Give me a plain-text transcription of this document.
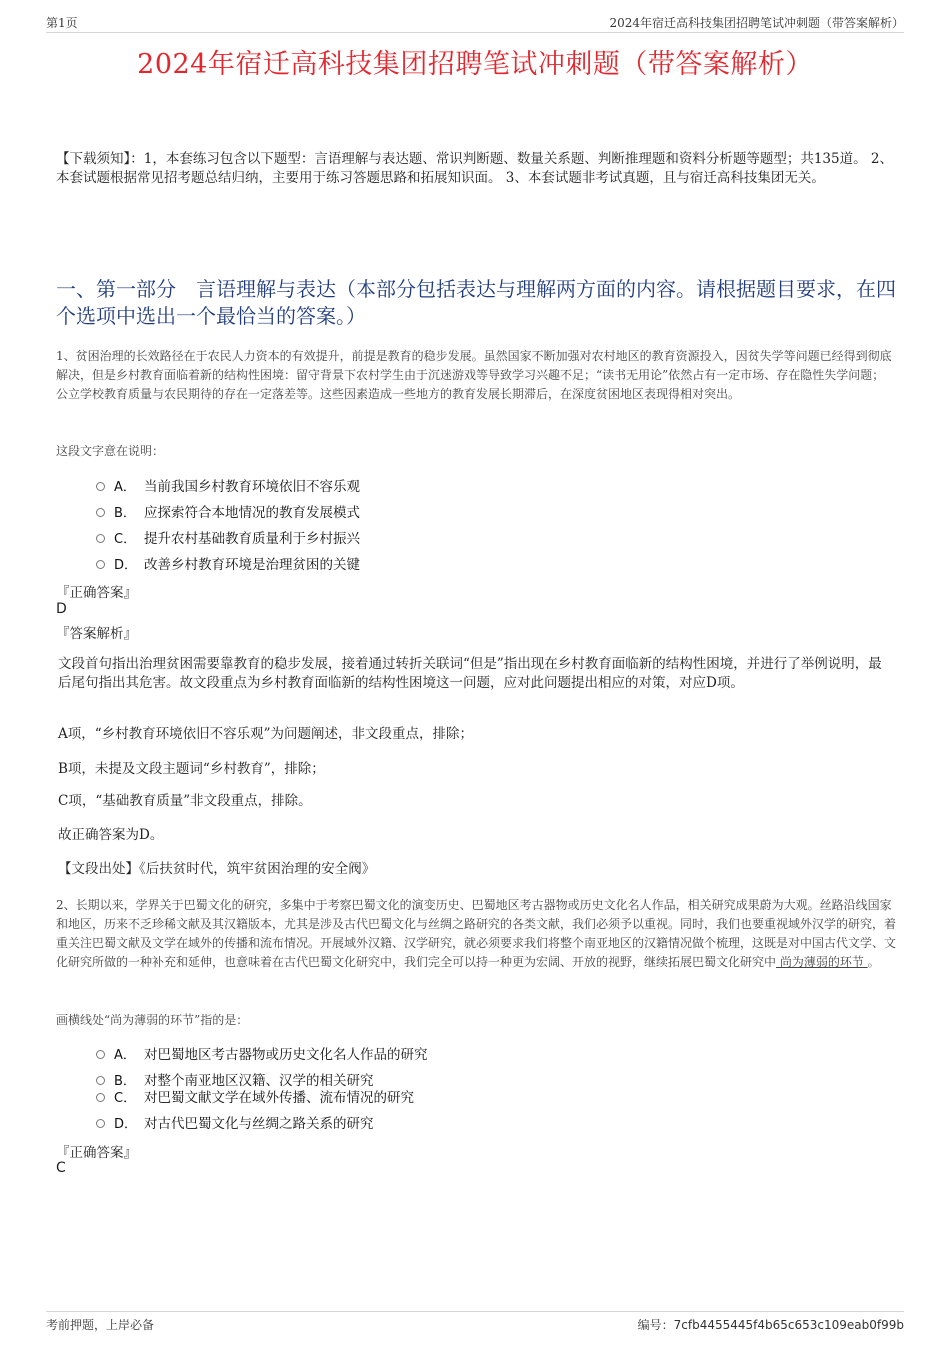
第1页	2024年宿迁高科技集团招聘笔试冲刺题（带答案解析）
2024年宿迁高科技集团招聘笔试冲刺题（带答案解析）
【下载须知】：1，本套练习包含以下题型：言语理解与表达题、常识判断题、数量关系题、判断推理题和资料分析题等题型；共135道。 2、本套试题根据常见招考题总结归纳，主要用于练习答题思路和拓展知识面。 3、本套试题非考试真题，且与宿迁高科技集团无关。
一、第一部分　言语理解与表达（本部分包括表达与理解两方面的内容。请根据题目要求，在四个选项中选出一个最恰当的答案。）
1、贫困治理的长效路径在于农民人力资本的有效提升，前提是教育的稳步发展。虽然国家不断加强对农村地区的教育资源投入，因贫失学等问题已经得到彻底解决，但是乡村教育面临着新的结构性困境：留守背景下农村学生由于沉迷游戏等导致学习兴趣不足；“读书无用论”依然占有一定市场、存在隐性失学问题；公立学校教育质量与农民期待的存在一定落差等。这些因素造成一些地方的教育发展长期滞后，在深度贫困地区表现得相对突出。
这段文字意在说明：
A． 当前我国乡村教育环境依旧不容乐观
B． 应探索符合本地情况的教育发展模式
C． 提升农村基础教育质量利于乡村振兴
D． 改善乡村教育环境是治理贫困的关键
『正确答案』
D
『答案解析』
文段首句指出治理贫困需要靠教育的稳步发展，接着通过转折关联词“但是”指出现在乡村教育面临新的结构性困境，并进行了举例说明，最后尾句指出其危害。故文段重点为乡村教育面临新的结构性困境这一问题，应对此问题提出相应的对策，对应D项。
A项，“乡村教育环境依旧不容乐观”为问题阐述，非文段重点，排除；
B项，未提及文段主题词“乡村教育”，排除；
C项，“基础教育质量”非文段重点，排除。
故正确答案为D。
【文段出处】《后扶贫时代，筑牢贫困治理的安全阀》
2、长期以来，学界关于巴蜀文化的研究，多集中于考察巴蜀文化的演变历史、巴蜀地区考古器物或历史文化名人作品，相关研究成果蔚为大观。丝路沿线国家和地区，历来不乏珍稀文献及其汉籍版本，尤其是涉及古代巴蜀文化与丝绸之路研究的各类文献，我们必须予以重视。同时，我们也要重视域外汉学的研究，着重关注巴蜀文献及文学在域外的传播和流布情况。开展域外汉籍、汉学研究，就必须要求我们将整个南亚地区的汉籍情况做个梳理，这既是对中国古代文学、文化研究所做的一种补充和延伸，也意味着在古代巴蜀文化研究中，我们完全可以持一种更为宏阔、开放的视野，继续拓展巴蜀文化研究中 尚为薄弱的环节 。
画横线处“尚为薄弱的环节”指的是：
A． 对巴蜀地区考古器物或历史文化名人作品的研究
B． 对整个南亚地区汉籍、汉学的相关研究
C． 对巴蜀文献文学在域外传播、流布情况的研究
D． 对古代巴蜀文化与丝绸之路关系的研究
『正确答案』
C
考前押题，上岸必备	编号：7cfb4455445f4b65c653c109eab0f99b
